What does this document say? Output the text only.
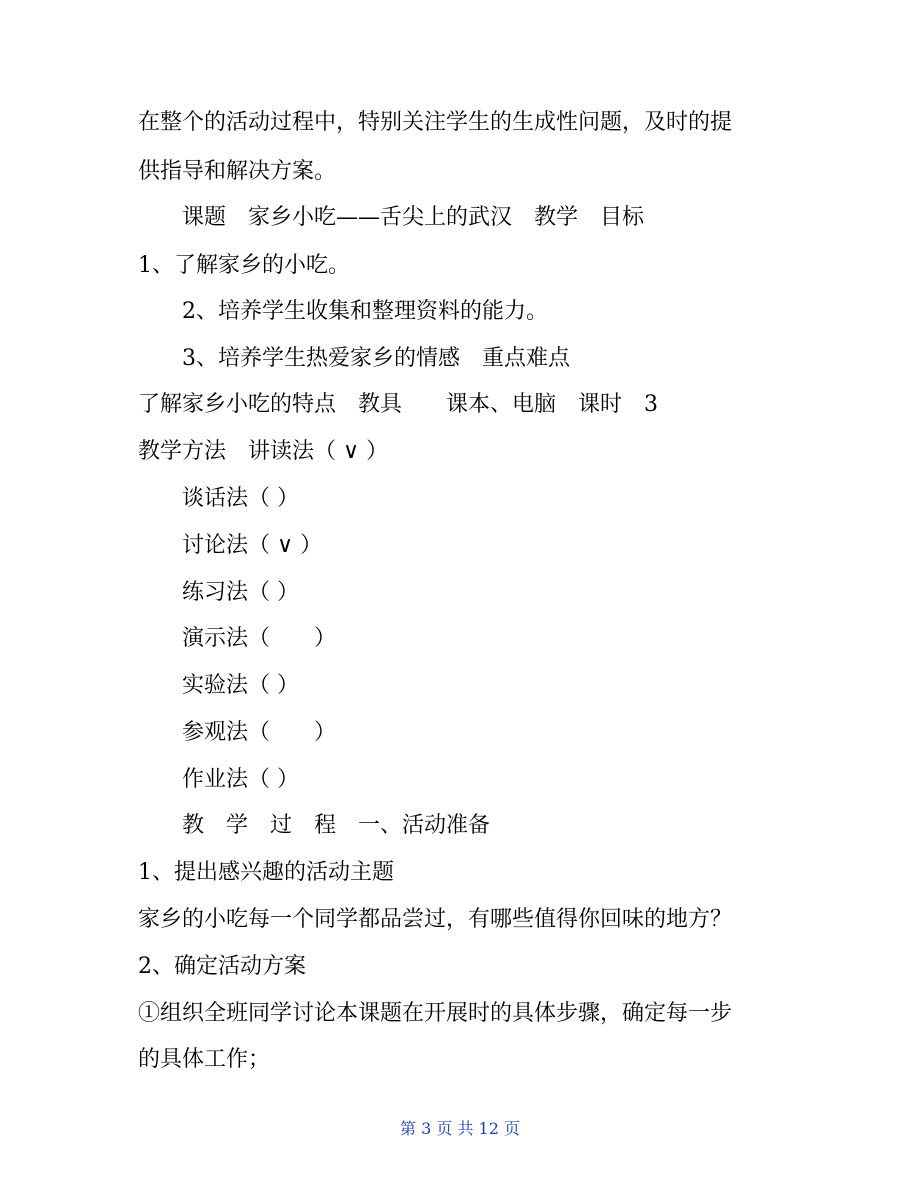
在整个的活动过程中，特别关注学生的生成性问题，及时的提
供指导和解决方案。
课题　家乡小吃——舌尖上的武汉　教学　目标
1、了解家乡的小吃。
2、培养学生收集和整理资料的能力。
3、培养学生热爱家乡的情感　重点难点
了解家乡小吃的特点　教具　　课本、电脑　课时　3
教学方法　讲读法（ ∨ ）
谈话法（ ）
讨论法（ ∨ ）
练习法（ ）
演示法（　　）
实验法（ ）
参观法（　　）
作业法（ ）
教　学　过　程　一、活动准备
1、提出感兴趣的活动主题
家乡的小吃每一个同学都品尝过，有哪些值得你回味的地方？
2、确定活动方案
①组织全班同学讨论本课题在开展时的具体步骤，确定每一步
的具体工作；
第 3 页 共 12 页
